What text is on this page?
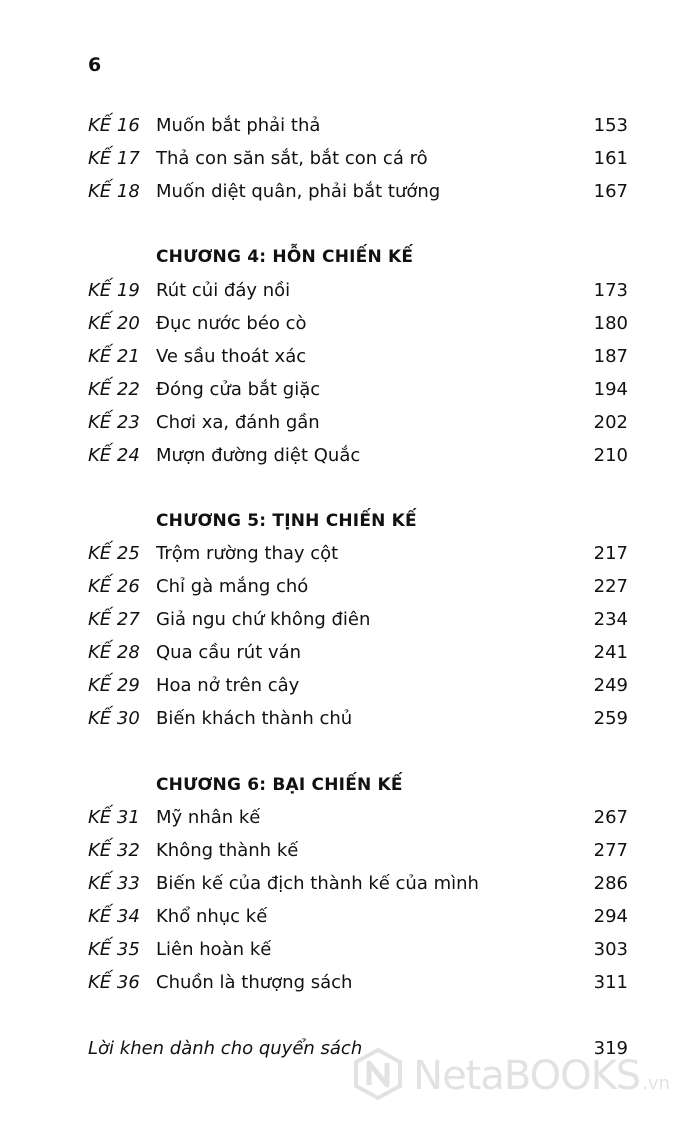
6
KẾ 16 Muốn bắt phải thả	153
KẾ 17 Thả con săn sắt, bắt con cá rô	161
KẾ 18 Muốn diệt quân, phải bắt tướng	167
CHƯƠNG 4: HỖN CHIẾN KẾ
KẾ 19 Rút củi đáy nồi	173
KẾ 20 Đục nước béo cò	180
KẾ 21 Ve sầu thoát xác	187
KẾ 22 Đóng cửa bắt giặc	194
KẾ 23 Chơi xa, đánh gần	202
KẾ 24 Mượn đường diệt Quắc	210
CHƯƠNG 5: TỊNH CHIẾN KẾ
KẾ 25 Trộm rường thay cột	217
KẾ 26 Chỉ gà mắng chó	227
KẾ 27 Giả ngu chứ không điên	234
KẾ 28 Qua cầu rút ván	241
KẾ 29 Hoa nở trên cây	249
KẾ 30 Biến khách thành chủ	259
CHƯƠNG 6: BẠI CHIẾN KẾ
KẾ 31 Mỹ nhân kế	267
KẾ 32 Không thành kế	277
KẾ 33 Biến kế của địch thành kế của mình	286
KẾ 34 Khổ nhục kế	294
KẾ 35 Liên hoàn kế	303
KẾ 36 Chuồn là thượng sách	311
Lời khen dành cho quyển sách	319
NetaBOOKS .vn
